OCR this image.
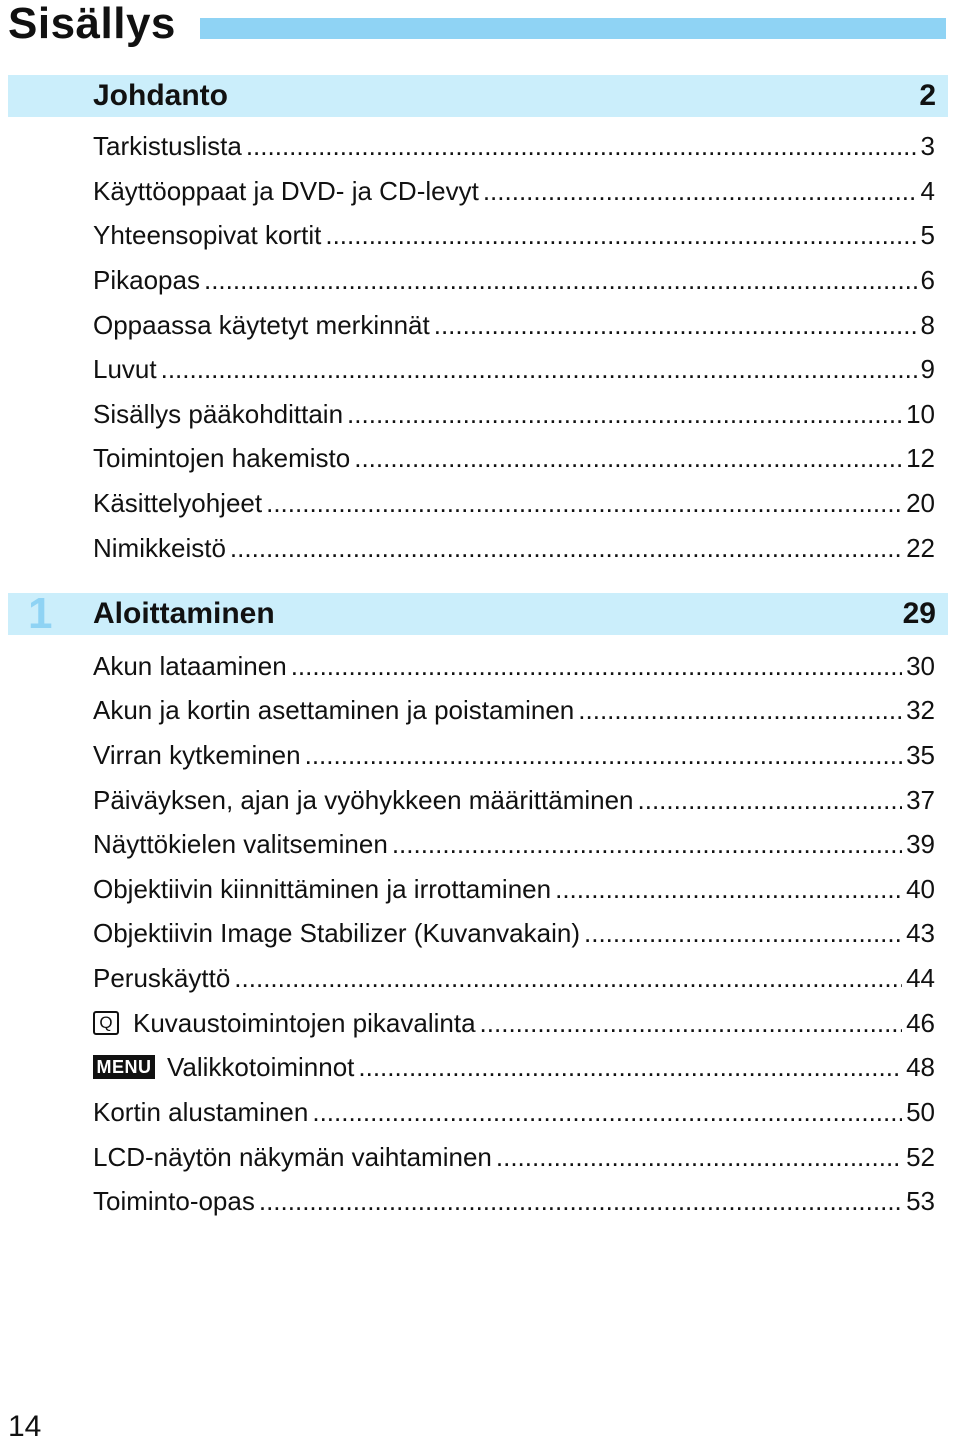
Sisällys
Johdanto	2
Tarkistuslista .....	3
Käyttöoppaat ja DVD- ja CD-levyt .....	4
Yhteensopivat kortit .....	5
Pikaopas .....	6
Oppaassa käytetyt merkinnät .....	8
Luvut .....	9
Sisällys pääkohdittain .....	10
Toimintojen hakemisto .....	12
Käsittelyohjeet .....	20
Nimikkeistö .....	22
1 Aloittaminen	29
Akun lataaminen .....	30
Akun ja kortin asettaminen ja poistaminen .....	32
Virran kytkeminen .....	35
Päiväyksen, ajan ja vyöhykkeen määrittäminen .....	37
Näyttökielen valitseminen .....	39
Objektiivin kiinnittäminen ja irrottaminen .....	40
Objektiivin Image Stabilizer (Kuvanvakain) .....	43
Peruskäyttö .....	44
Q Kuvaustoimintojen pikavalinta .....	46
MENU Valikkotoiminnot .....	48
Kortin alustaminen .....	50
LCD-näytön näkymän vaihtaminen .....	52
Toiminto-opas .....	53
14
